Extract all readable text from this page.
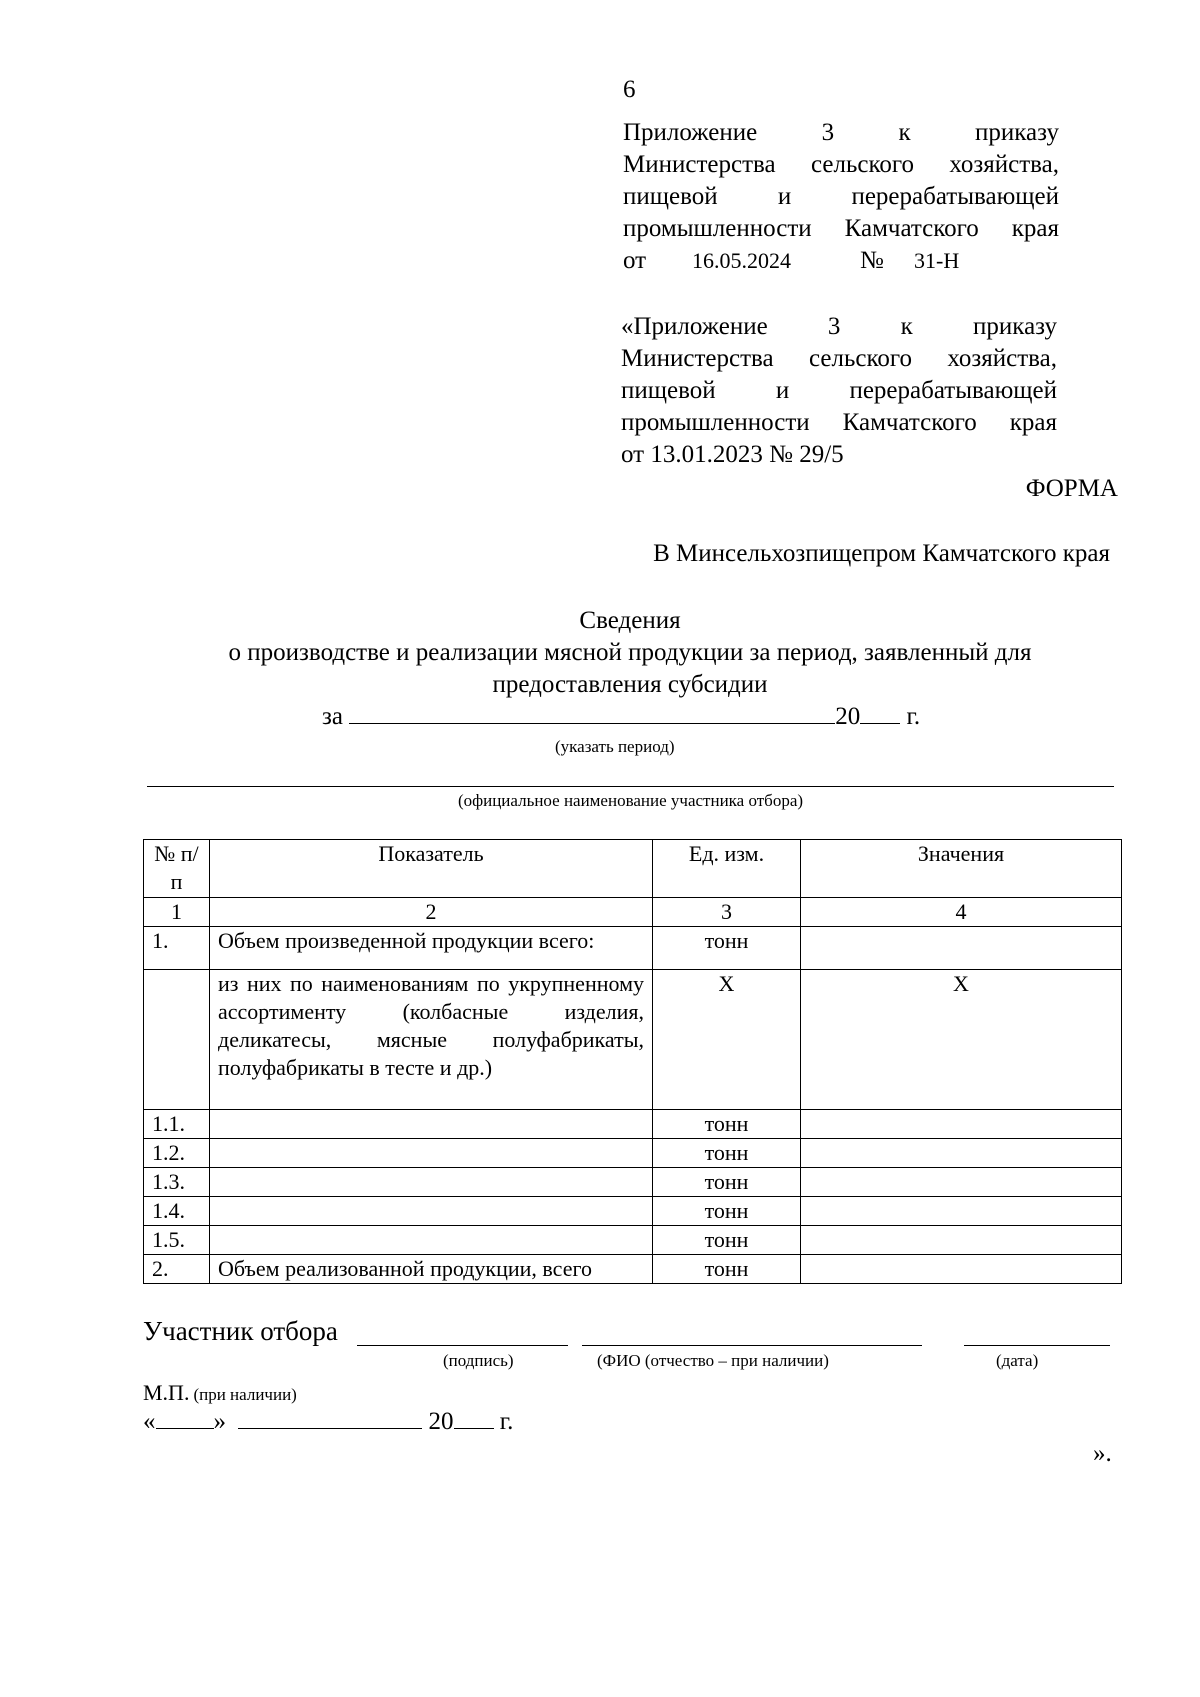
6
Приложение	3	к	приказу
Министерства сельского хозяйства,
пищевой и перерабатывающей
промышленности Камчатского края
от 16.05.2024	№ 31-Н
«Приложение 3 к приказу
Министерства сельского хозяйства,
пищевой и перерабатывающей
промышленности Камчатского края
от 13.01.2023 № 29/5
ФОРМА
В Минсельхозпищепром Камчатского края
Сведения
о производстве и реализации мясной продукции за период, заявленный для
предоставления субсидии
за	20 г.
(указать период)
(официальное наименование участника отбора)
№ п/п	Показатель	Ед. изм.	Значения
1	2	3	4
1.	Объем произведенной продукции всего:	тонн	
	из них по наименованиям по укрупненному ассортименту (колбасные изделия, деликатесы, мясные полуфабрикаты, полуфабрикаты в тесте и др.)	Х	Х
1.1.		тонн	
1.2.		тонн	
1.3.		тонн	
1.4.		тонн	
1.5.		тонн	
2.	Объем реализованной продукции, всего	тонн	
Участник отбора
(подпись)	(ФИО (отчество – при наличии)	(дата)
М.П. (при наличии)
« »	20 г.
».
